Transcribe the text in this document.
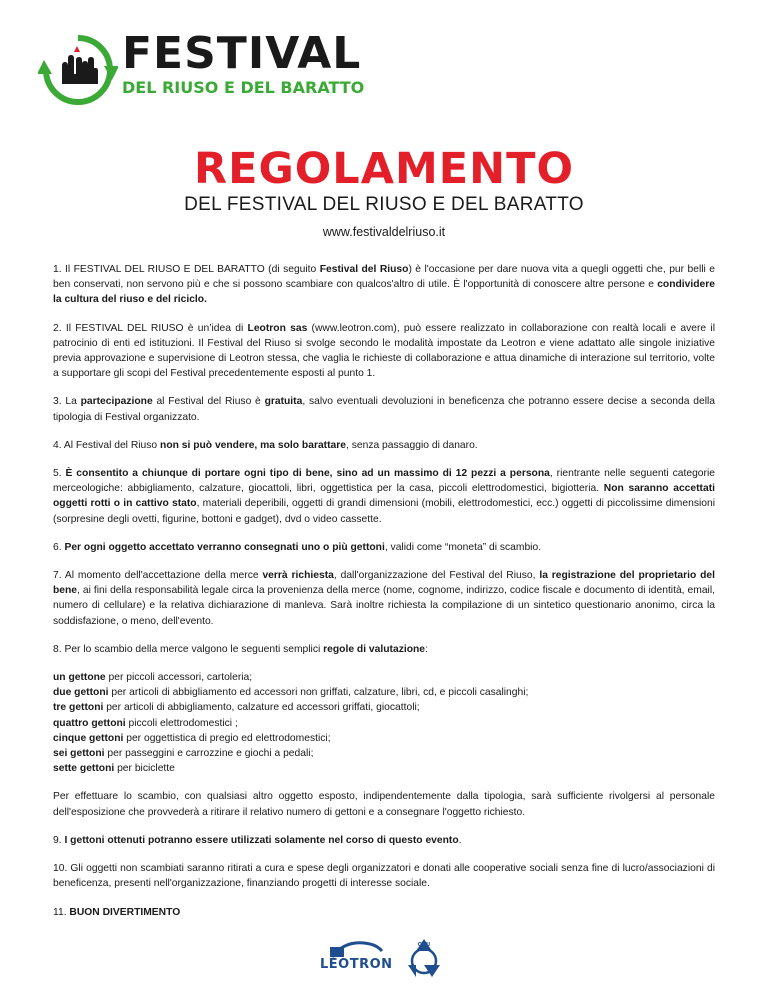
FESTIVAL
DEL RIUSO E DEL BARATTO
REGOLAMENTO
DEL FESTIVAL DEL RIUSO E DEL BARATTO
www.festivaldelriuso.it

1. Il FESTIVAL DEL RIUSO E DEL BARATTO (di seguito Festival del Riuso) è l'occasione per dare nuova vita a quegli oggetti che, pur belli e ben conservati, non servono più e che si possono scambiare con qualcos'altro di utile. È l'opportunità di conoscere altre persone e condividere la cultura del riuso e del riciclo.

2. Il FESTIVAL DEL RIUSO è un’idea di Leotron sas (www.leotron.com), può essere realizzato in collaborazione con realtà locali e avere il patrocinio di enti ed istituzioni. Il Festival del Riuso si svolge secondo le modalità impostate da Leotron e viene adattato alle singole iniziative previa approvazione e supervisione di Leotron stessa, che vaglia le richieste di collaborazione e attua dinamiche di interazione sul territorio, volte a supportare gli scopi del Festival precedentemente esposti al punto 1.

3. La partecipazione al Festival del Riuso è gratuita, salvo eventuali devoluzioni in beneficenza che potranno essere decise a seconda della tipologia di Festival organizzato.

4. Al Festival del Riuso non si può vendere, ma solo barattare, senza passaggio di danaro.

5. È consentito a chiunque di portare ogni tipo di bene, sino ad un massimo di 12 pezzi a persona, rientrante nelle seguenti categorie merceologiche: abbigliamento, calzature, giocattoli, libri, oggettistica per la casa, piccoli elettrodomestici, bigiotteria. Non saranno accettati oggetti rotti o in cattivo stato, materiali deperibili, oggetti di grandi dimensioni (mobili, elettrodomestici, ecc.) oggetti di piccolissime dimensioni (sorpresine degli ovetti, figurine, bottoni e gadget), dvd o video cassette.

6. Per ogni oggetto accettato verranno consegnati uno o più gettoni, validi come “moneta” di scambio.

7. Al momento dell'accettazione della merce verrà richiesta, dall'organizzazione del Festival del Riuso, la registrazione del proprietario del bene, ai fini della responsabilità legale circa la provenienza della merce (nome, cognome, indirizzo, codice fiscale e documento di identità, email, numero di cellulare) e la relativa dichiarazione di manleva. Sarà inoltre richiesta la compilazione di un sintetico questionario anonimo, circa la soddisfazione, o meno, dell'evento.

8. Per lo scambio della merce valgono le seguenti semplici regole di valutazione:

un gettone per piccoli accessori, cartoleria;
due gettoni per articoli di abbigliamento ed accessori non griffati, calzature, libri, cd, e piccoli casalinghi;
tre gettoni per articoli di abbigliamento, calzature ed accessori griffati, giocattoli;
quattro gettoni piccoli elettrodomestici ;
cinque gettoni per oggettistica di pregio ed elettrodomestici;
sei gettoni per passeggini e carrozzine e giochi a pedali;
sette gettoni per biciclette

Per effettuare lo scambio, con qualsiasi altro oggetto esposto, indipendentemente dalla tipologia, sarà sufficiente rivolgersi al personale dell'esposizione che provvederà a ritirare il relativo numero di gettoni e a consegnare l'oggetto richiesto.

9. I gettoni ottenuti potranno essere utilizzati solamente nel corso di questo evento.

10. Gli oggetti non scambiati saranno ritirati a cura e spese degli organizzatori e donati alle cooperative sociali senza fine di lucro/associazioni di beneficenza, presenti nell'organizzazione, finanziando progetti di interesse sociale.

11. BUON DIVERTIMENTO

LEOTRON
ONU
